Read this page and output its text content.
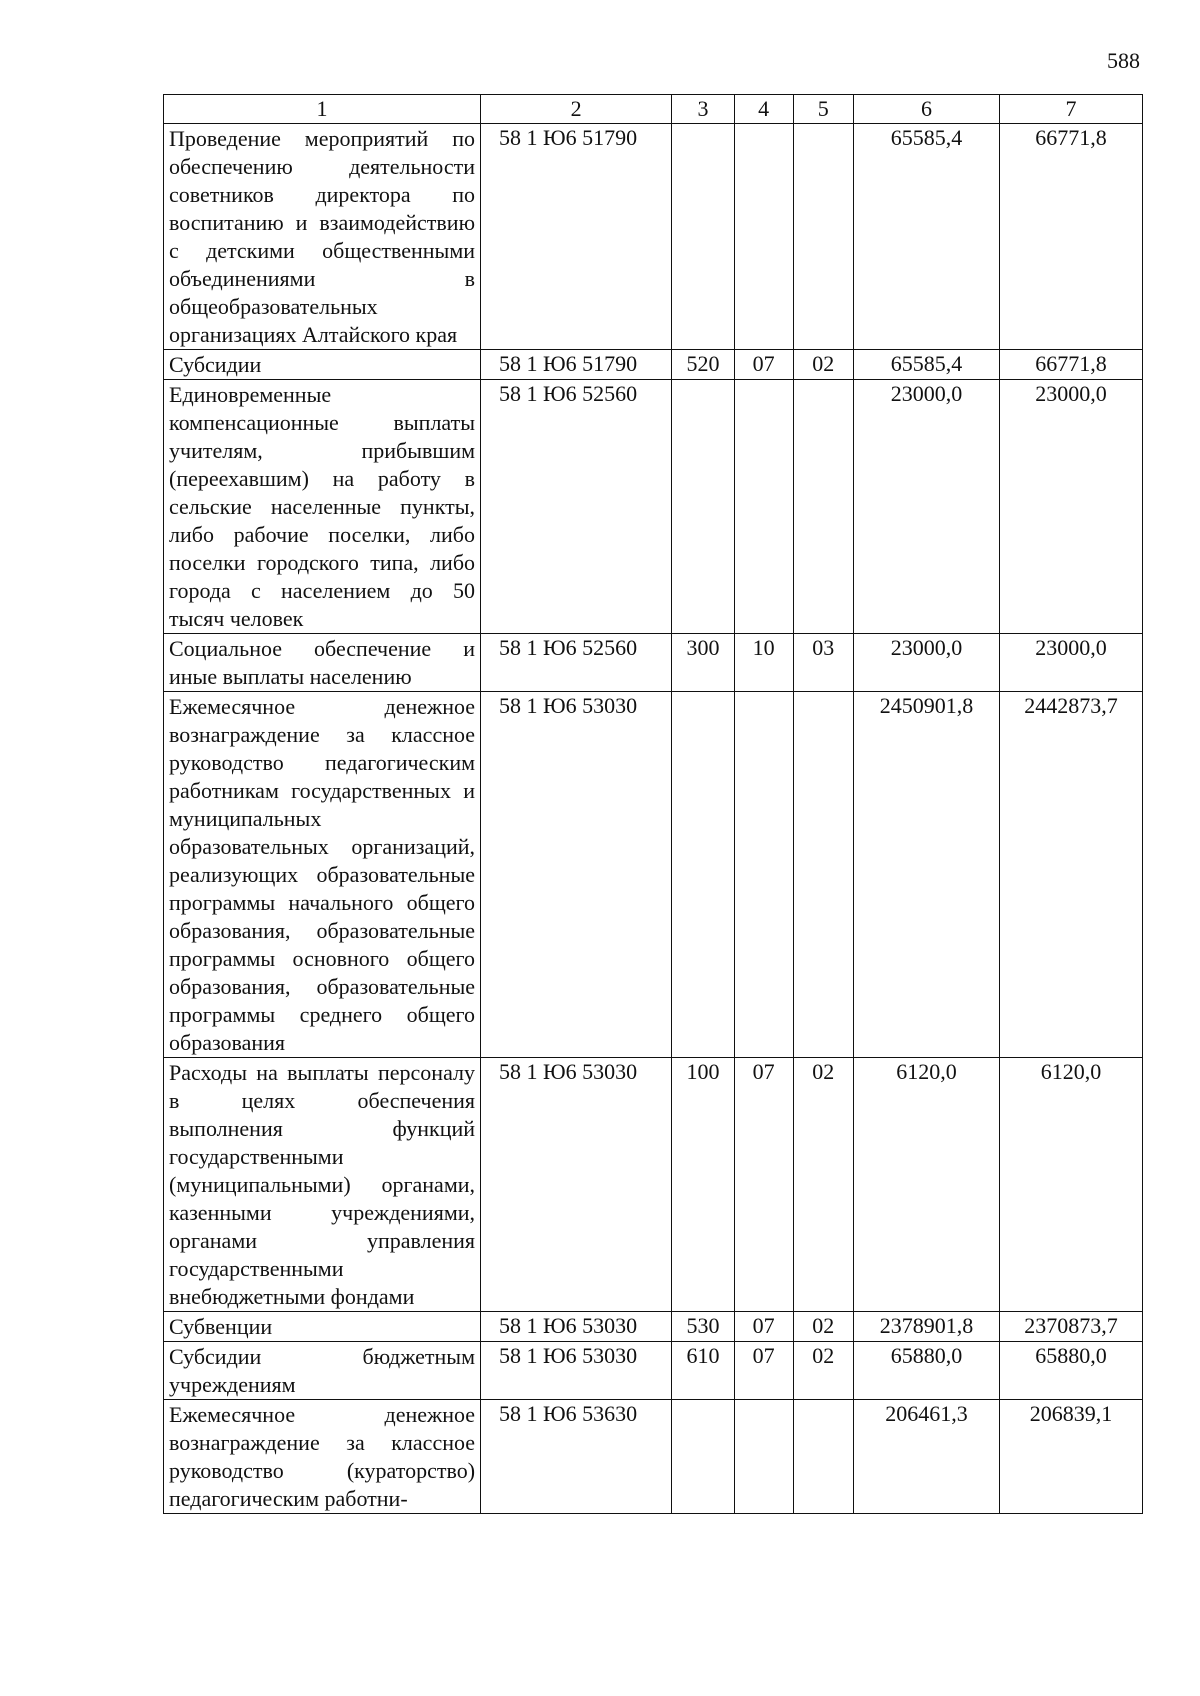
588
1	2	3	4	5	6	7
Проведение мероприятий по обеспечению деятельности советников директора по воспитанию и взаимодействию с детскими общественными объединениями в общеобразовательных организациях Алтайского края	58 1 Ю6 51790				65585,4	66771,8
Субсидии	58 1 Ю6 51790	520	07	02	65585,4	66771,8
Единовременные компенсационные выплаты учителям, прибывшим (переехавшим) на работу в сельские населенные пункты, либо рабочие поселки, либо поселки городского типа, либо города с населением до 50 тысяч человек	58 1 Ю6 52560				23000,0	23000,0
Социальное обеспечение и иные выплаты населению	58 1 Ю6 52560	300	10	03	23000,0	23000,0
Ежемесячное денежное вознаграждение за классное руководство педагогическим работникам государственных и муниципальных образовательных организаций, реализующих образовательные программы начального общего образования, образовательные программы основного общего образования, образовательные программы среднего общего образования	58 1 Ю6 53030				2450901,8	2442873,7
Расходы на выплаты персоналу в целях обеспечения выполнения функций государственными (муниципальными) органами, казенными учреждениями, органами управления государственными внебюджетными фондами	58 1 Ю6 53030	100	07	02	6120,0	6120,0
Субвенции	58 1 Ю6 53030	530	07	02	2378901,8	2370873,7
Субсидии бюджетным учреждениям	58 1 Ю6 53030	610	07	02	65880,0	65880,0
Ежемесячное денежное вознаграждение за классное руководство (кураторство) педагогическим работни-	58 1 Ю6 53630				206461,3	206839,1
